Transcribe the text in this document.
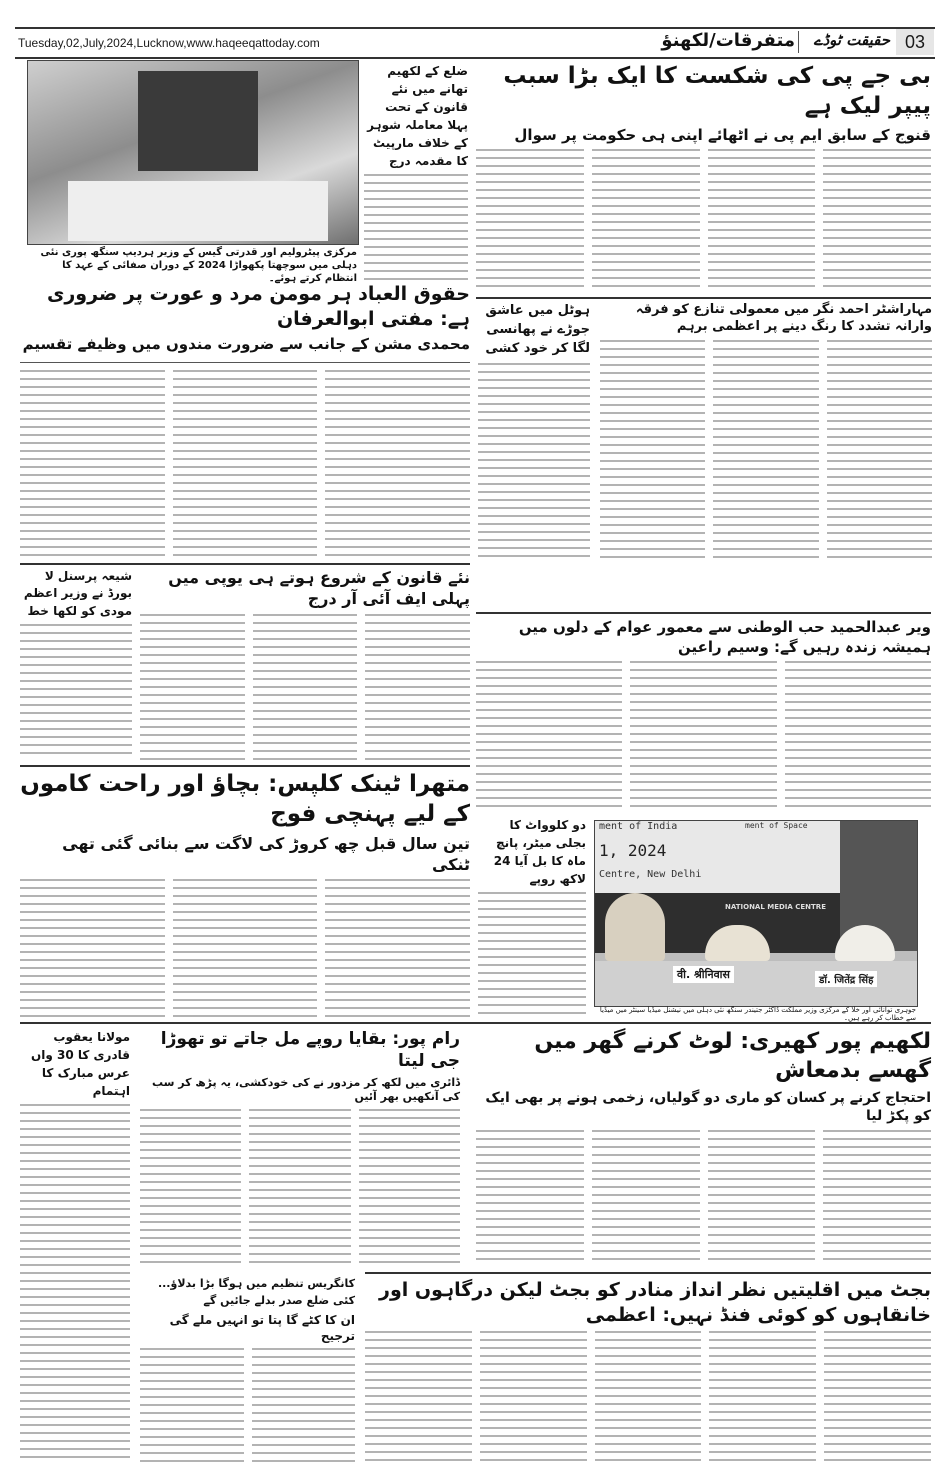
Tuesday,02,July,2024,Lucknow,www.haqeeqattoday.com	متفرقات/لکھنؤ	حقیقت ٹوڈے 03
مرکزی پیٹرولیم اور قدرتی گیس کے وزیر ہردیپ سنگھ پوری نئی دہلی میں سوچھتا پکھواڑا 2024 کے دوران صفائی کے عہد کا انتظام کرتے ہوئے۔
ضلع کے لکھیم تھانے میں نئے قانون کے تحت پہلا معاملہ شوہر کے خلاف مارپیٹ کا مقدمہ درج
بی جے پی کی شکست کا ایک بڑا سبب پیپر لیک ہے
قنوج کے سابق ایم پی نے اٹھائے اپنی ہی حکومت پر سوال
حقوق العباد ہر مومن مرد و عورت پر ضروری ہے: مفتی ابوالعرفان
محمدی مشن کے جانب سے ضرورت مندوں میں وظیفے تقسیم
ہوٹل میں عاشق جوڑے نے پھانسی لگا کر خود کشی
مہاراشٹر احمد نگر میں معمولی تنازع کو فرقہ وارانہ تشدد کا رنگ دینے پر اعظمی برہم
شیعہ پرسنل لا بورڈ نے وزیر اعظم مودی کو لکھا خط
نئے قانون کے شروع ہوتے ہی یوپی میں پہلی ایف آئی آر درج
ویر عبدالحمید حب الوطنی سے معمور عوام کے دلوں میں ہمیشہ زندہ رہیں گے: وسیم راعین
متھرا ٹینک کلپس: بچاؤ اور راحت کاموں کے لیے پہنچی فوج
تین سال قبل چھ کروڑ کی لاگت سے بنائی گئی تھی ٹنکی
دو کلوواٹ کا بجلی میٹر، پانچ ماہ کا بل آیا 24 لاکھ روپے
ment of India	ment of Space
1, 2024
Centre, New Delhi
NATIONAL MEDIA CENTRE
वी. श्रीनिवास	डॉ. जितेंद्र सिंह
جوہری توانائی اور خلا کے مرکزی وزیر مملکت ڈاکٹر جتیندر سنگھ نئی دہلی میں نیشنل میڈیا سینٹر میں میڈیا سے خطاب کر رہے ہیں۔
مولانا یعقوب قادری کا 30 واں عرس مبارک کا اہتمام
رام پور: بقایا روپے مل جاتے تو تھوڑا جی لیتا
ڈائری میں لکھ کر مزدور نے کی خودکشی، یہ پڑھ کر سب کی آنکھیں بھر آئیں
لکھیم پور کھیری: لوٹ کرنے گھر میں گھسے بدمعاش
احتجاج کرنے پر کسان کو ماری دو گولیاں، زخمی ہونے پر بھی ایک کو پکڑ لیا
کانگریس تنظیم میں ہوگا بڑا بدلاؤ... کئی ضلع صدر بدلے جائیں گے
ان کا کٹے گا پتا تو انہیں ملے گی ترجیح
بجٹ میں اقلیتیں نظر انداز منادر کو بجٹ لیکن درگاہوں اور خانقاہوں کو کوئی فنڈ نہیں: اعظمی
